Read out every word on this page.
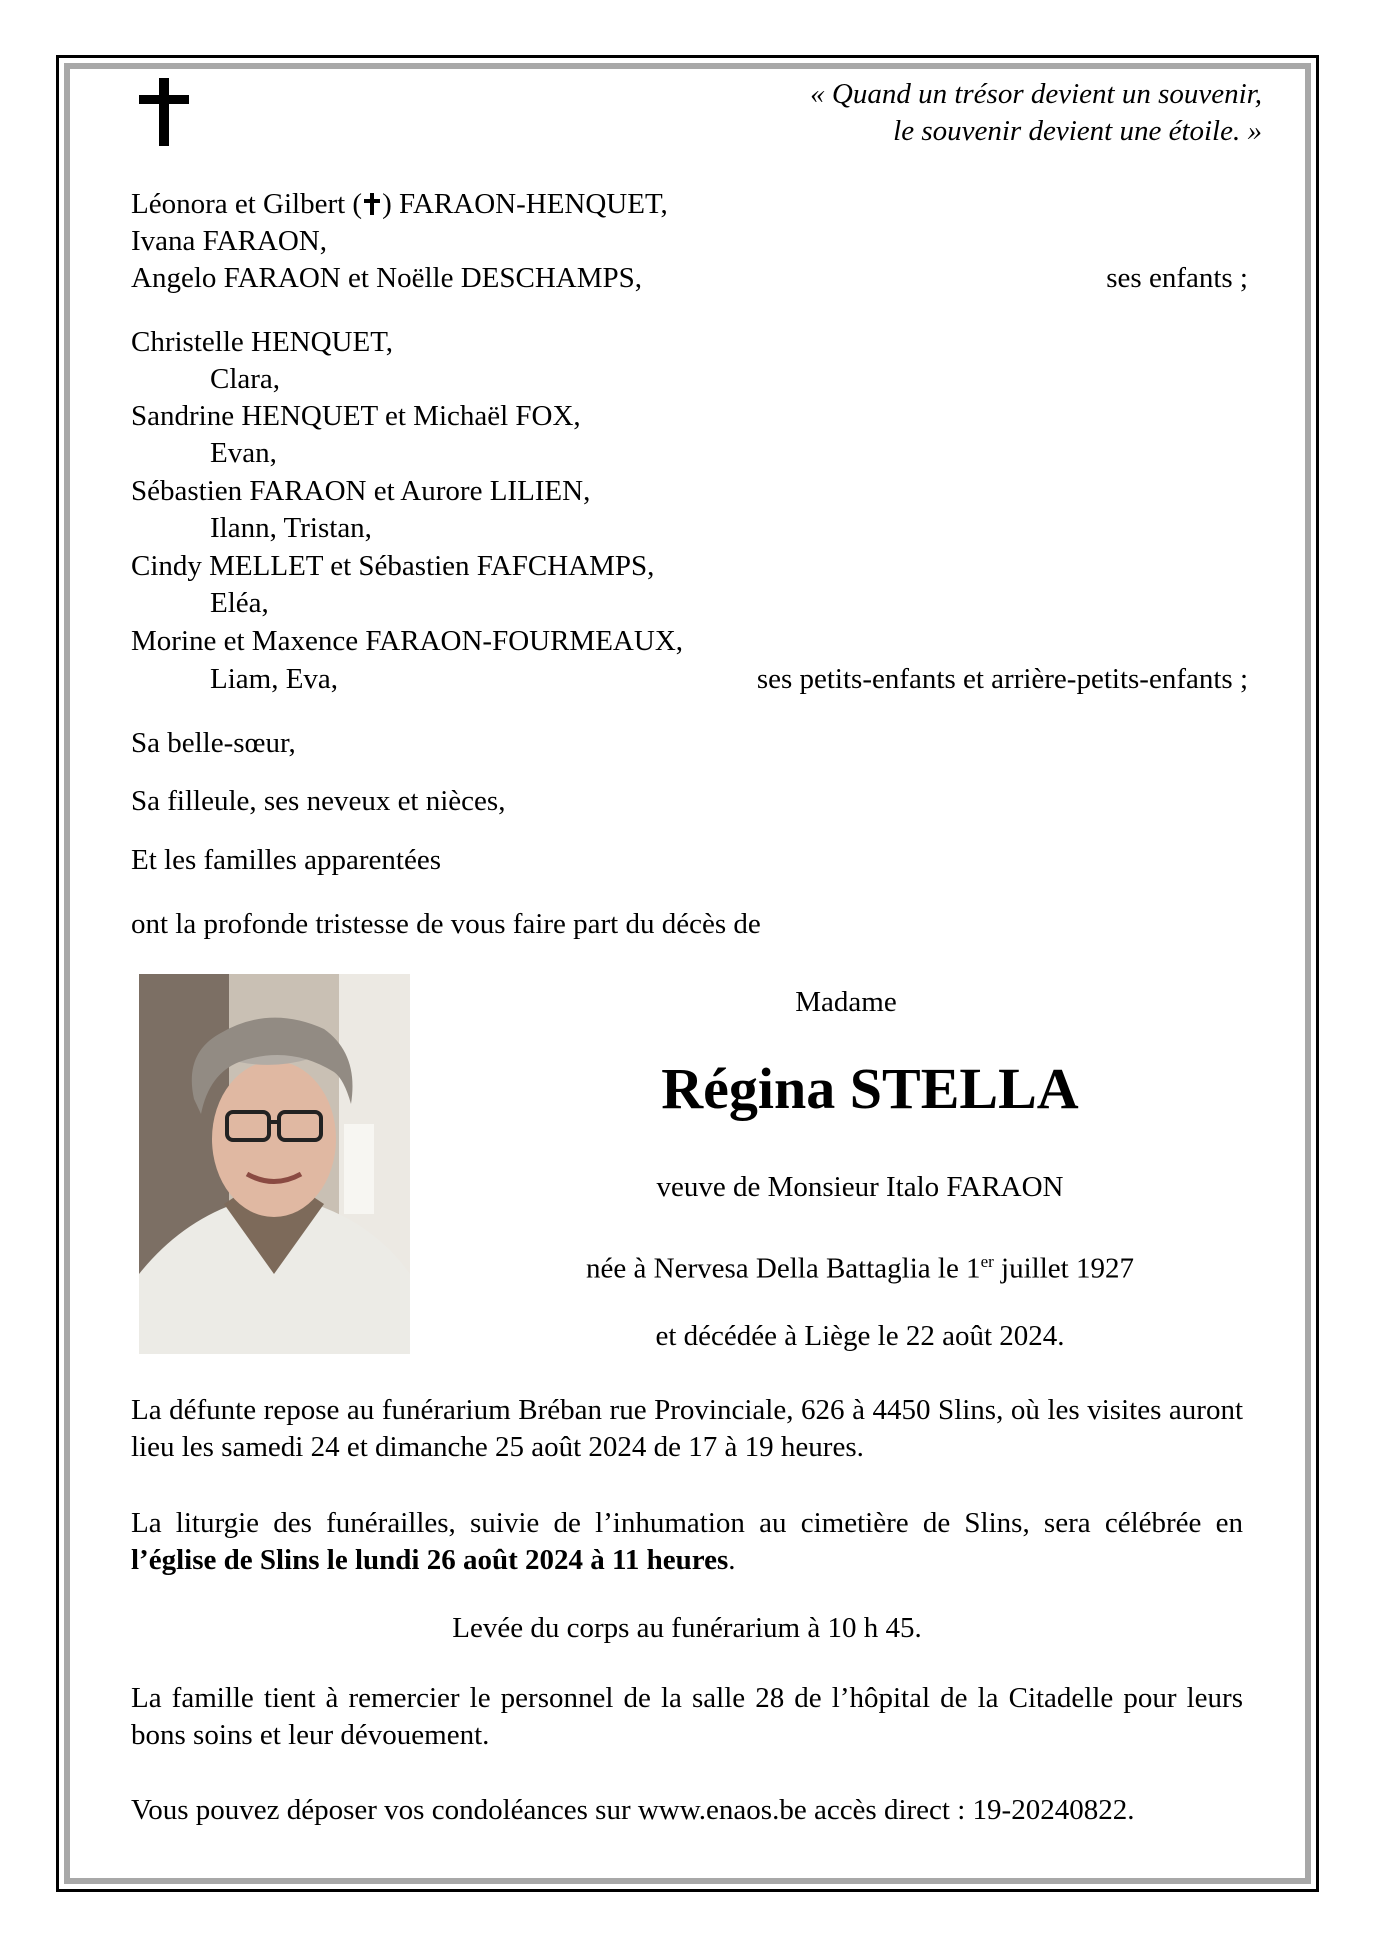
« Quand un trésor devient un souvenir,
le souvenir devient une étoile. »
Léonora et Gilbert ( ) FARAON-HENQUET,
Ivana FARAON,
Angelo FARAON et Noëlle DESCHAMPS,	ses enfants ;
Christelle HENQUET,
Clara,
Sandrine HENQUET et Michaël FOX,
Evan,
Sébastien FARAON et Aurore LILIEN,
Ilann, Tristan,
Cindy MELLET et Sébastien FAFCHAMPS,
Eléa,
Morine et Maxence FARAON-FOURMEAUX,
Liam, Eva,	ses petits-enfants et arrière-petits-enfants ;
Sa belle-sœur,
Sa filleule, ses neveux et nièces,
Et les familles apparentées
ont la profonde tristesse de vous faire part du décès de
Madame
Régina STELLA
veuve de Monsieur Italo FARAON
née à Nervesa Della Battaglia le 1er juillet 1927
et décédée à Liège le 22 août 2024.
La défunte repose au funérarium Bréban rue Provinciale, 626 à 4450 Slins, où les visites auront lieu les samedi 24 et dimanche 25 août 2024 de 17 à 19 heures.
La liturgie des funérailles, suivie de l’inhumation au cimetière de Slins, sera célébrée en l’église de Slins le lundi 26 août 2024 à 11 heures.
Levée du corps au funérarium à 10 h 45.
La famille tient à remercier le personnel de la salle 28 de l’hôpital de la Citadelle pour leurs bons soins et leur dévouement.
Vous pouvez déposer vos condoléances sur www.enaos.be accès direct : 19-20240822.
